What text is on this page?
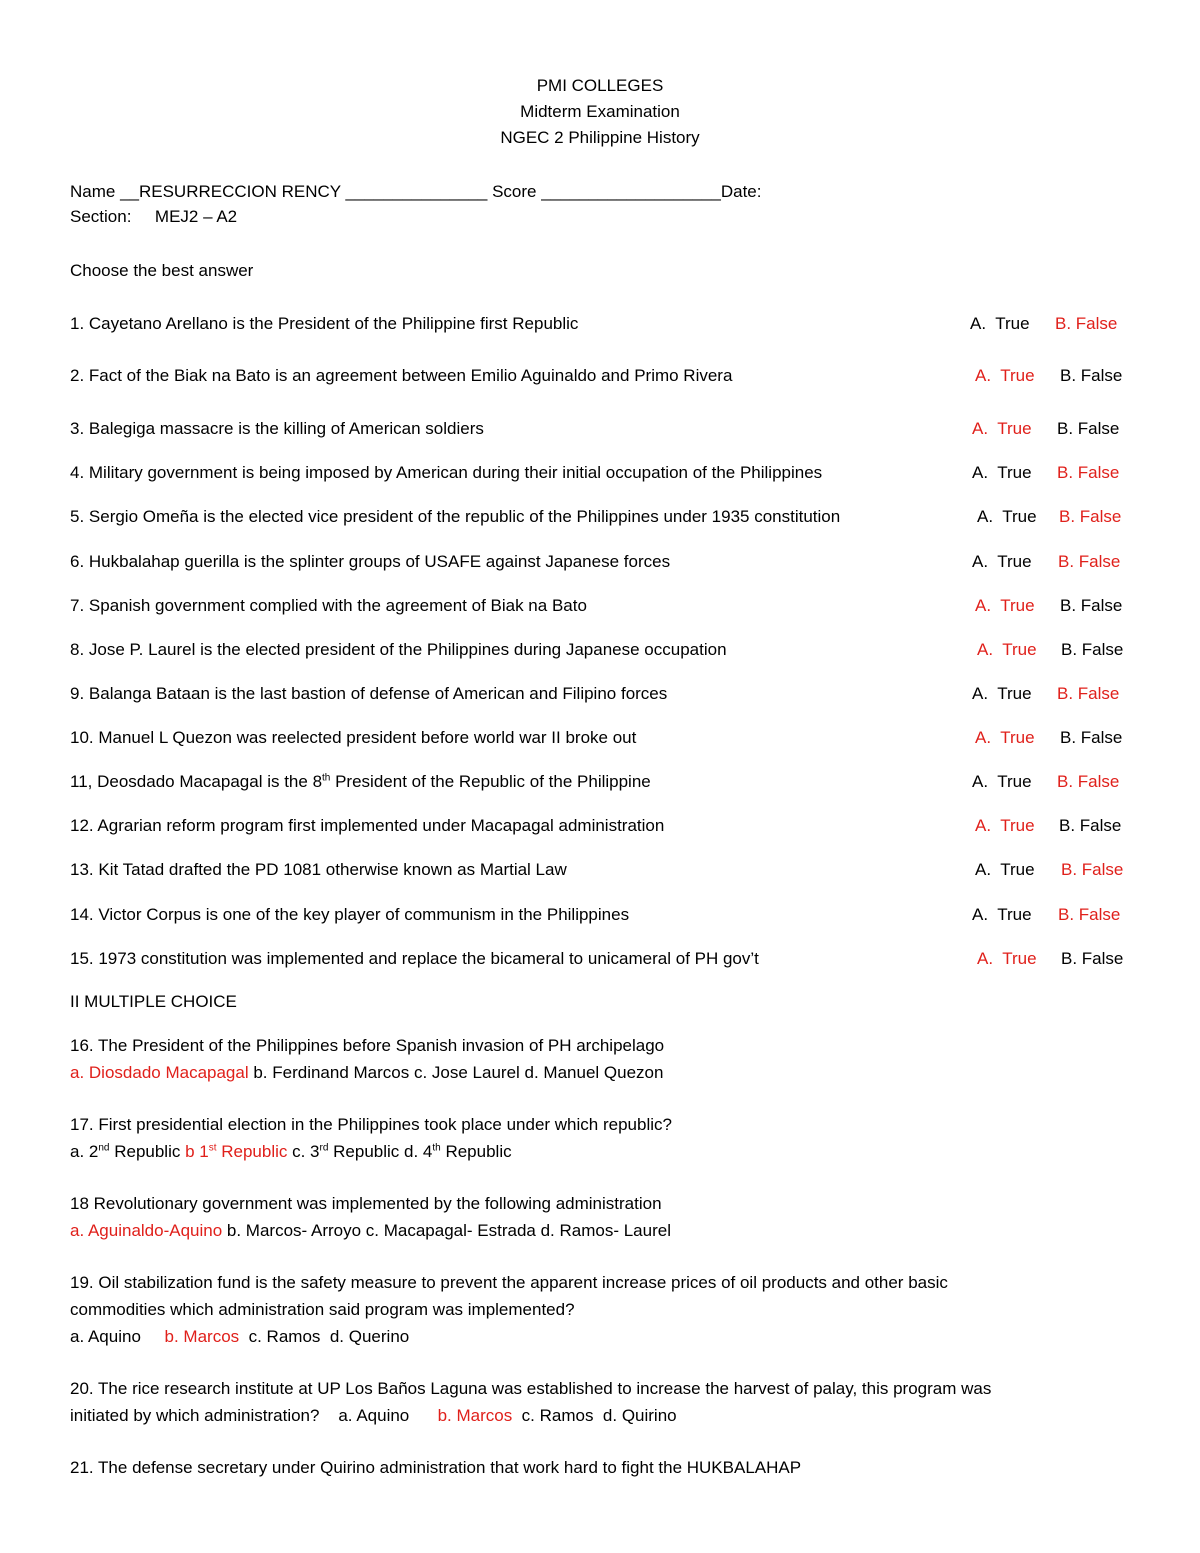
PMI COLLEGES
Midterm Examination
NGEC 2 Philippine History
Name __RESURRECCION RENCY _______________ Score ___________________Date:
Section: MEJ2 – A2
Choose the best answer
1. Cayetano Arellano is the President of the Philippine first Republic	A.  True B. False
2. Fact of the Biak na Bato is an agreement between Emilio Aguinaldo and Primo Rivera	A.  True B. False
3. Balegiga massacre is the killing of American soldiers	A.  True B. False
4. Military government is being imposed by American during their initial occupation of the Philippines	A.  True B. False
5. Sergio Omeña is the elected vice president of the republic of the Philippines under 1935 constitution	A.  True B. False
6. Hukbalahap guerilla is the splinter groups of USAFE against Japanese forces	A.  True B. False
7. Spanish government complied with the agreement of Biak na Bato	A.  True B. False
8. Jose P. Laurel is the elected president of the Philippines during Japanese occupation	A.  True B. False
9. Balanga Bataan is the last bastion of defense of American and Filipino forces	A.  True B. False
10. Manuel L Quezon was reelected president before world war II broke out	A.  True B. False
11, Deosdado Macapagal is the 8th President of the Republic of the Philippine	A.  True B. False
12. Agrarian reform program first implemented under Macapagal administration	A.  True B. False
13. Kit Tatad drafted the PD 1081 otherwise known as Martial Law	A.  True B. False
14. Victor Corpus is one of the key player of communism in the Philippines	A.  True B. False
15. 1973 constitution was implemented and replace the bicameral to unicameral of PH gov’t	A.  True B. False
II MULTIPLE CHOICE
16. The President of the Philippines before Spanish invasion of PH archipelago
a. Diosdado Macapagal b. Ferdinand Marcos c. Jose Laurel d. Manuel Quezon
17. First presidential election in the Philippines took place under which republic?
a. 2nd Republic b 1st Republic c. 3rd Republic d. 4th Republic
18 Revolutionary government was implemented by the following administration
a. Aguinaldo-Aquino b. Marcos- Arroyo c. Macapagal- Estrada d. Ramos- Laurel
19. Oil stabilization fund is the safety measure to prevent the apparent increase prices of oil products and other basic
commodities which administration said program was implemented?
a. Aquino     b. Marcos  c. Ramos  d. Querino
20. The rice research institute at UP Los Baños Laguna was established to increase the harvest of palay, this program was
initiated by which administration?    a. Aquino      b. Marcos  c. Ramos  d. Quirino
21. The defense secretary under Quirino administration that work hard to fight the HUKBALAHAP
